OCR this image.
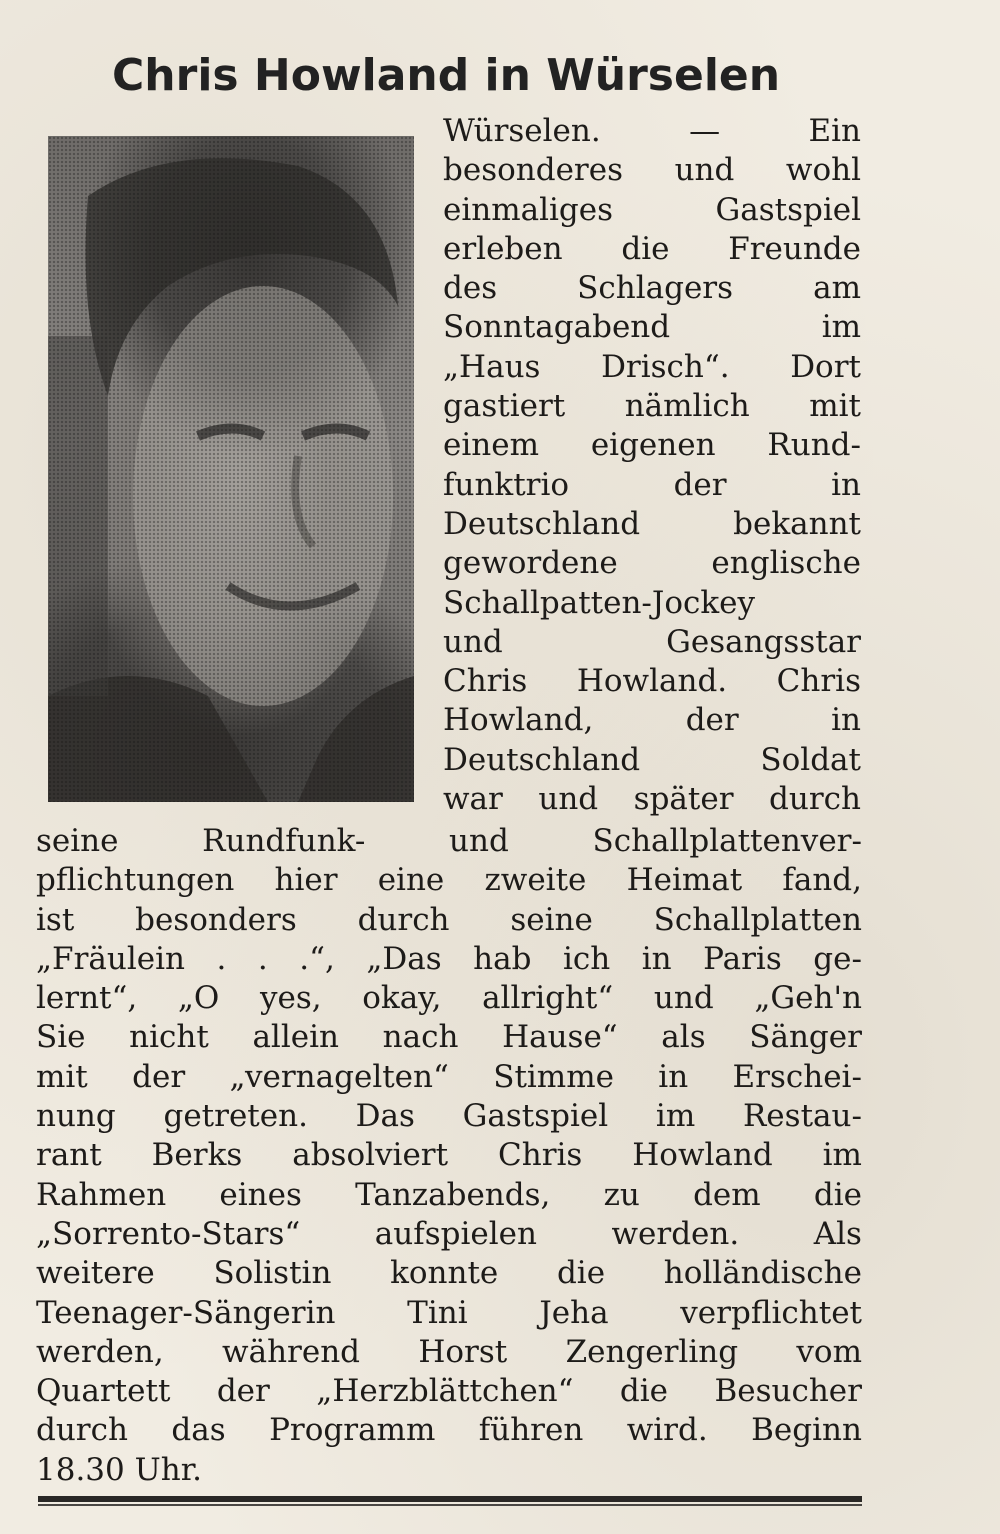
Chris Howland in Würselen
Würselen.	—	Ein
besonderes und wohl
einmaliges	Gastspiel
erleben die Freunde
des	Schlagers	am
Sonntagabend	im
„Haus Drisch“. Dort
gastiert nämlich mit
einem eigenen Rund-
funktrio	der	in
Deutschland	bekannt
gewordene	englische
Schallpatten-Jockey
und	Gesangsstar
Chris Howland. Chris
Howland,	der	in
Deutschland	Soldat
war und später durch
seine	Rundfunk-	und	Schallplattenver-
pflichtungen hier eine zweite Heimat fand,
ist besonders durch seine Schallplatten
„Fräulein . . .“, „Das hab ich in Paris ge-
lernt“, „O yes, okay, allright“ und „Geh'n
Sie nicht allein nach Hause“ als Sänger
mit der „vernagelten“ Stimme in Erschei-
nung getreten. Das Gastspiel im Restau-
rant Berks absolviert Chris Howland im
Rahmen eines Tanzabends, zu dem die
„Sorrento-Stars“ aufspielen werden. Als
weitere Solistin konnte die holländische
Teenager-Sängerin Tini Jeha verpflichtet
werden, während Horst Zengerling vom
Quartett der „Herzblättchen“ die Besucher
durch das Programm führen wird. Beginn
18.30 Uhr.
